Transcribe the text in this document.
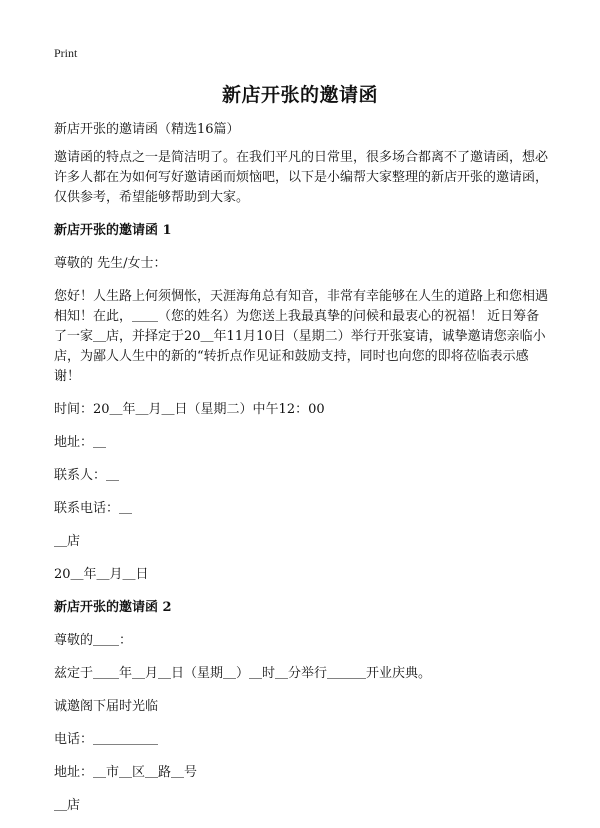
Print
新店开张的邀请函

新店开张的邀请函（精选16篇）

邀请函的特点之一是简洁明了。在我们平凡的日常里，很多场合都离不了邀请函，想必许多人都在为如何写好邀请函而烦恼吧，以下是小编帮大家整理的新店开张的邀请函，仅供参考，希望能够帮助到大家。

新店开张的邀请函 1

尊敬的 先生/女士：

您好！人生路上何须惆怅，天涯海角总有知音，非常有幸能够在人生的道路上和您相遇相知！在此，＿＿（您的姓名）为您送上我最真挚的问候和最衷心的祝福！ 近日筹备了一家＿店，并择定于20＿年11月10日（星期二）举行开张宴请，诚挚邀请您亲临小店，为鄙人人生中的新的“转折点作见证和鼓励支持，同时也向您的即将莅临表示感谢！

时间：20＿年＿月＿日（星期二）中午12：00

地址：＿

联系人：＿

联系电话：＿

＿店

20＿年＿月＿日

新店开张的邀请函 2

尊敬的＿＿：

兹定于＿＿年＿月＿日（星期＿）＿时＿分举行＿＿＿开业庆典。

诚邀阁下届时光临

电话：＿＿＿＿＿

地址：＿市＿区＿路＿号

＿店
